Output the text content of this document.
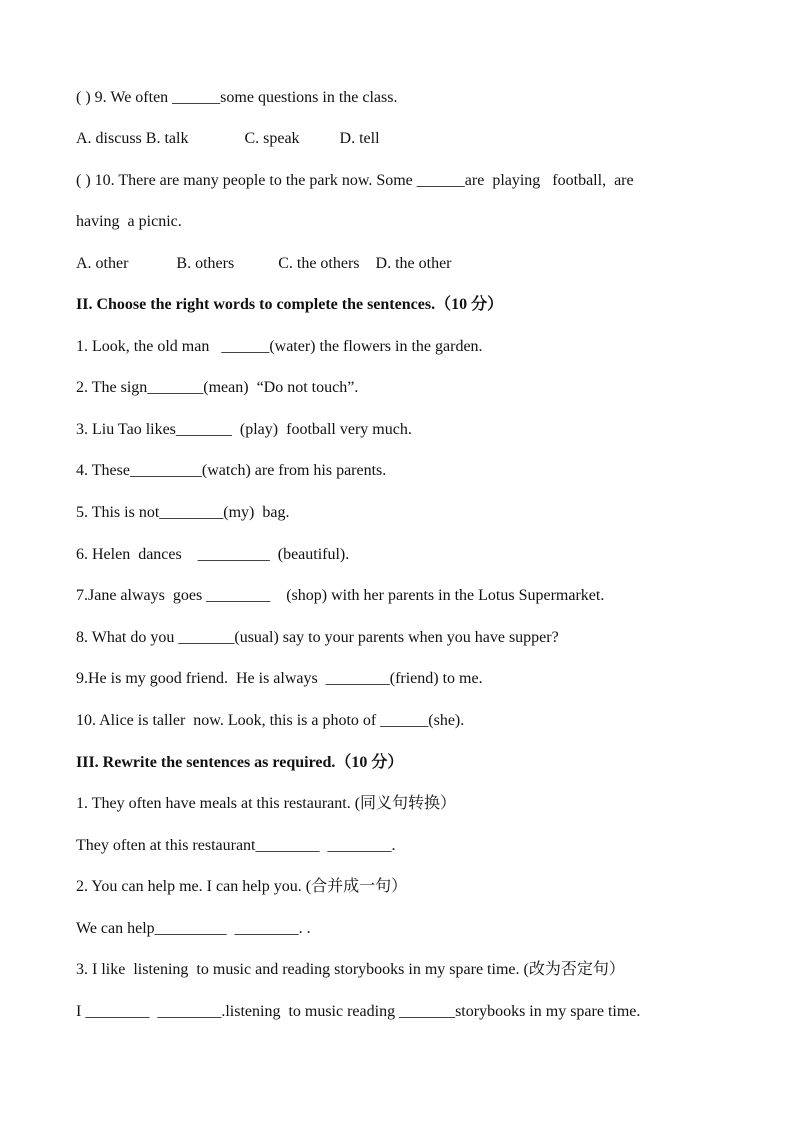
( ) 9. We often ______some questions in the class.
A. discuss B. talk              C. speak          D. tell
( ) 10. There are many people to the park now. Some ______are  playing   football,  are
having  a picnic.
A. other            B. others           C. the others    D. the other
II. Choose the right words to complete the sentences.（10 分）
1. Look, the old man   ______(water) the flowers in the garden.
2. The sign_______(mean)  “Do not touch”.
3. Liu Tao likes_______  (play)  football very much.
4. These_________(watch) are from his parents.
5. This is not________(my)  bag.
6. Helen  dances    _________  (beautiful).
7.Jane always  goes ________    (shop) with her parents in the Lotus Supermarket.
8. What do you _______(usual) say to your parents when you have supper?
9.He is my good friend.  He is always  ________(friend) to me.
10. Alice is taller  now. Look, this is a photo of ______(she).
III. Rewrite the sentences as required.（10 分）
1. They often have meals at this restaurant. (同义句转换）
They often at this restaurant________  ________.
2. You can help me. I can help you. (合并成一句）
We can help_________  ________. .
3. I like  listening  to music and reading storybooks in my spare time. (改为否定句）
I ________  ________.listening  to music reading _______storybooks in my spare time.
